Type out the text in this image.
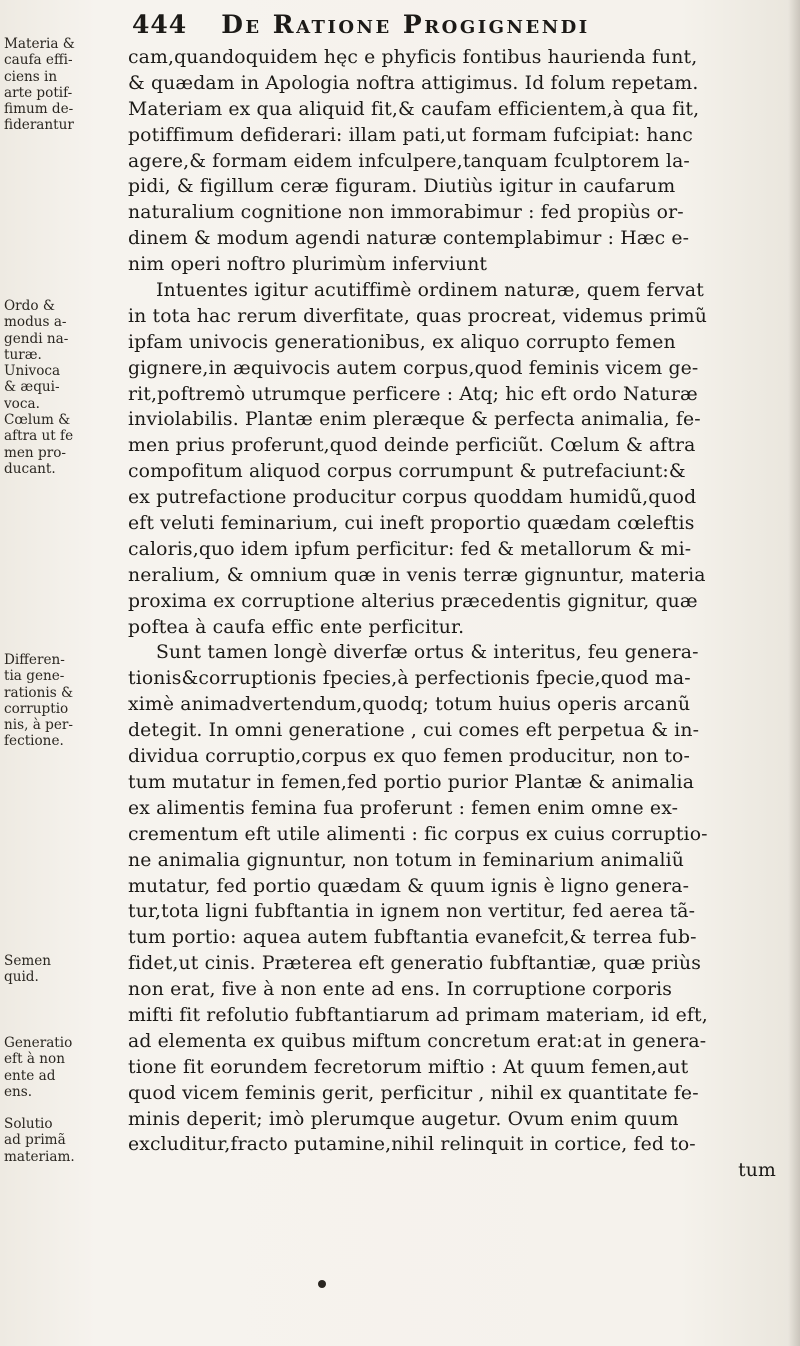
Materia &
caufa effi-
ciens in
arte potif-
fimum de-
fiderantur
Ordo &
modus a-
gendi na-
turæ.
Univoca
& æqui-
voca.
Cœlum &
aftra ut fe
men pro-
ducant.
Differen-
tia gene-
rationis &
corruptio
nis, à per-
fectione.
Semen
quid.
Generatio
eft à non
ente ad
ens.
Solutio
ad primã
materiam.
444 De Ratione Progignendi
cam,quandoquidem hęc e phyficis fontibus haurienda funt,
& quædam in Apologia noftra attigimus. Id folum repetam.
Materiam ex qua aliquid fit,& caufam efficientem,à qua fit,
potiffimum defiderari: illam pati,ut formam fufcipiat: hanc
agere,& formam eidem infculpere,tanquam fculptorem la-
pidi, & figillum ceræ figuram. Diutiùs igitur in caufarum
naturalium cognitione non immorabimur : fed propiùs or-
dinem & modum agendi naturæ contemplabimur : Hæc e-
nim operi noftro plurimùm inferviunt
Intuentes igitur acutiffimè ordinem naturæ, quem fervat
in tota hac rerum diverfitate, quas procreat, videmus primũ
ipfam univocis generationibus, ex aliquo corrupto femen
gignere,in æquivocis autem corpus,quod feminis vicem ge-
rit,poftremò utrumque perficere : Atq; hic eft ordo Naturæ
inviolabilis. Plantæ enim pleræque & perfecta animalia, fe-
men prius proferunt,quod deinde perficiũt. Cœlum & aftra
compofitum aliquod corpus corrumpunt & putrefaciunt:&
ex putrefactione producitur corpus quoddam humidũ,quod
eft veluti feminarium, cui ineft proportio quædam cœleftis
caloris,quo idem ipfum perficitur: fed & metallorum & mi-
neralium, & omnium quæ in venis terræ gignuntur, materia
proxima ex corruptione alterius præcedentis gignitur, quæ
poftea à caufa effic ente perficitur.
Sunt tamen longè diverfæ ortus & interitus, feu genera-
tionis&corruptionis fpecies,à perfectionis fpecie,quod ma-
ximè animadvertendum,quodq; totum huius operis arcanũ
detegit. In omni generatione , cui comes eft perpetua & in-
dividua corruptio,corpus ex quo femen producitur, non to-
tum mutatur in femen,fed portio purior Plantæ & animalia
ex alimentis femina fua proferunt : femen enim omne ex-
crementum eft utile alimenti : fic corpus ex cuius corruptio-
ne animalia gignuntur, non totum in feminarium animaliũ
mutatur, fed portio quædam & quum ignis è ligno genera-
tur,tota ligni fubftantia in ignem non vertitur, fed aerea tã-
tum portio: aquea autem fubftantia evanefcit,& terrea fub-
fidet,ut cinis. Præterea eft generatio fubftantiæ, quæ priùs
non erat, five à non ente ad ens. In corruptione corporis
mifti fit refolutio fubftantiarum ad primam materiam, id eft,
ad elementa ex quibus miftum concretum erat:at in genera-
tione fit eorundem fecretorum miftio : At quum femen,aut
quod vicem feminis gerit, perficitur , nihil ex quantitate fe-
minis deperit; imò plerumque augetur. Ovum enim quum
excluditur,fracto putamine,nihil relinquit in cortice, fed to-
tum
